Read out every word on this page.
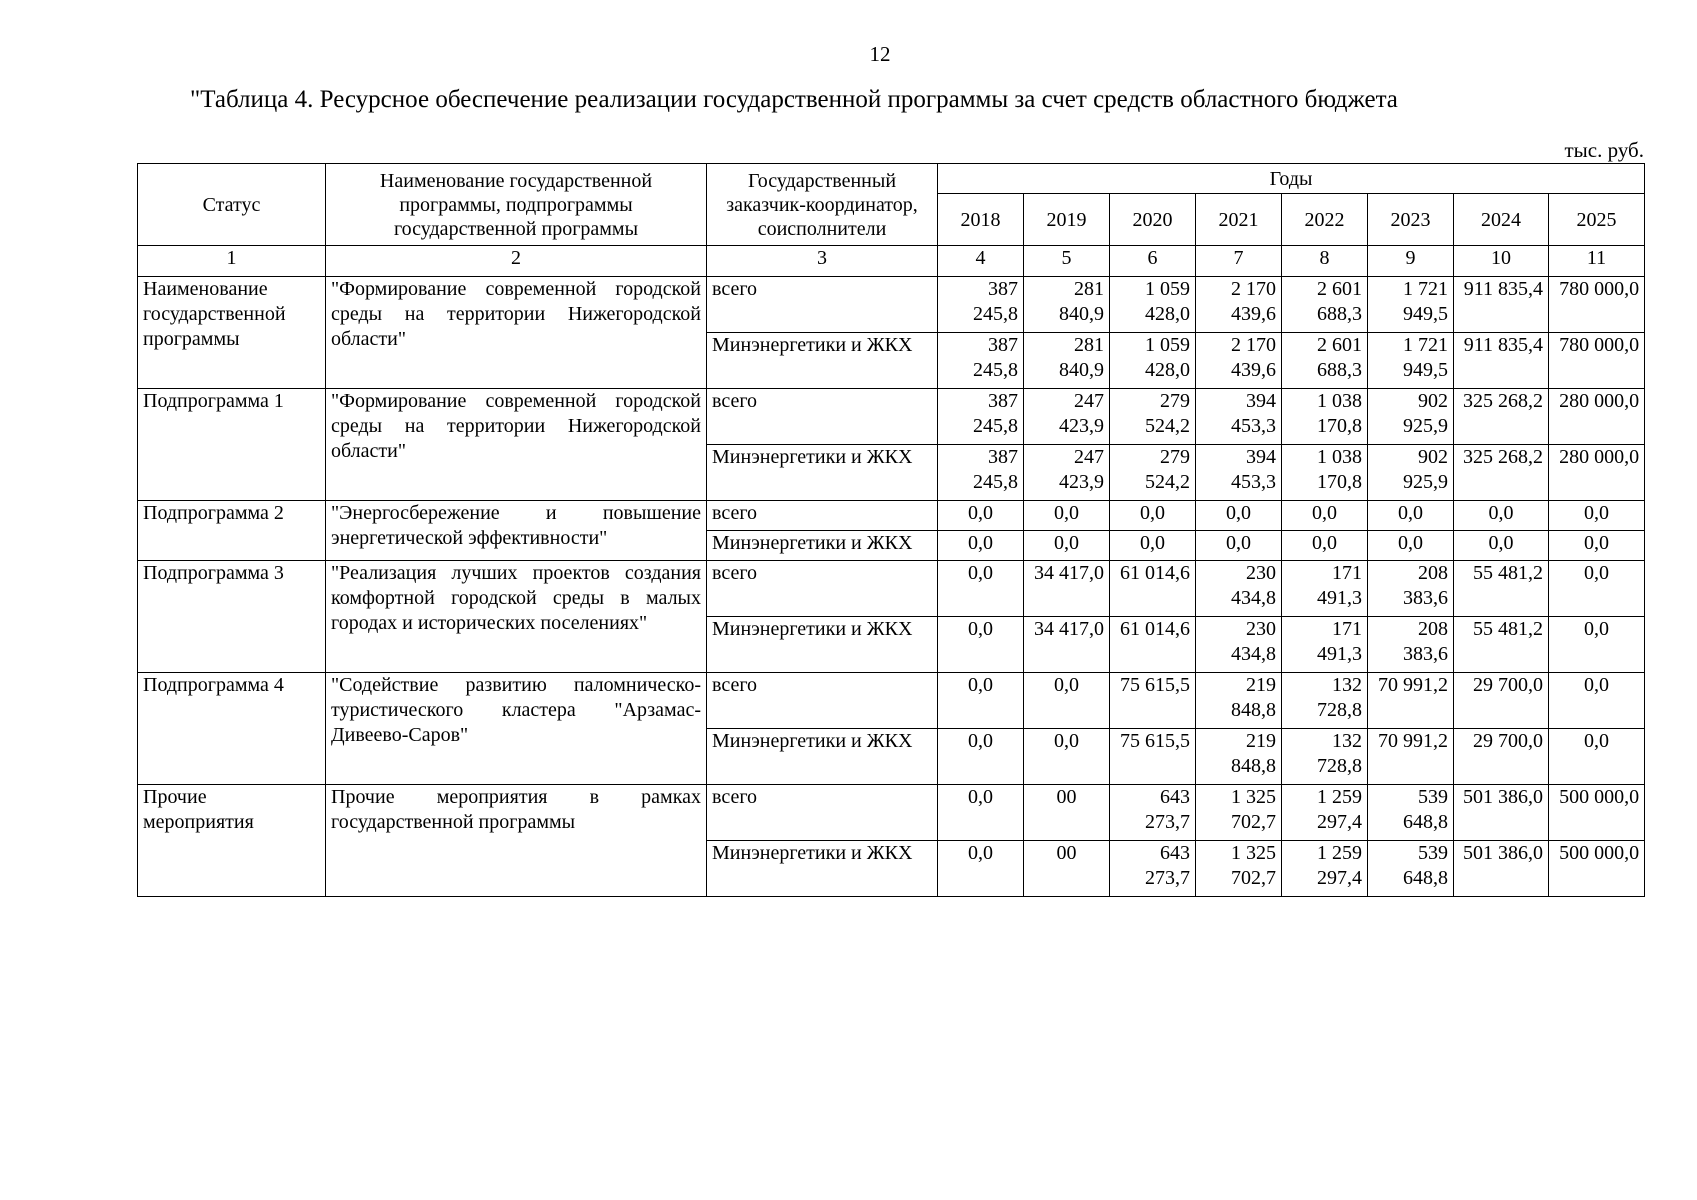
12
"Таблица 4. Ресурсное обеспечение реализации государственной программы за счет средств областного бюджета
тыс. руб.
Статус	Наименование государственной программы, подпрограммы государственной программы	Государственный заказчик-координатор, соисполнители	Годы							
			2018	2019	2020	2021	2022	2023	2024	2025
1	2	3	4	5	6	7	8	9	10	11
Наименование государственной программы	"Формирование современной городской среды на территории Нижегородской области"	всего	387 245,8	281 840,9	1 059 428,0	2 170 439,6	2 601 688,3	1 721 949,5	911 835,4	780 000,0
		Минэнергетики и ЖКХ	387 245,8	281 840,9	1 059 428,0	2 170 439,6	2 601 688,3	1 721 949,5	911 835,4	780 000,0
Подпрограмма 1	"Формирование современной городской среды на территории Нижегородской области"	всего	387 245,8	247 423,9	279 524,2	394 453,3	1 038 170,8	902 925,9	325 268,2	280 000,0
		Минэнергетики и ЖКХ	387 245,8	247 423,9	279 524,2	394 453,3	1 038 170,8	902 925,9	325 268,2	280 000,0
Подпрограмма 2	"Энергосбережение и повышение энергетической эффективности"	всего	0,0	0,0	0,0	0,0	0,0	0,0	0,0	0,0
		Минэнергетики и ЖКХ	0,0	0,0	0,0	0,0	0,0	0,0	0,0	0,0
Подпрограмма 3	"Реализация лучших проектов создания комфортной городской среды в малых городах и исторических поселениях"	всего	0,0	34 417,0	61 014,6	230 434,8	171 491,3	208 383,6	55 481,2	0,0
		Минэнергетики и ЖКХ	0,0	34 417,0	61 014,6	230 434,8	171 491,3	208 383,6	55 481,2	0,0
Подпрограмма 4	"Содействие развитию паломническо-туристического кластера "Арзамас-Дивеево-Саров"	всего	0,0	0,0	75 615,5	219 848,8	132 728,8	70 991,2	29 700,0	0,0
		Минэнергетики и ЖКХ	0,0	0,0	75 615,5	219 848,8	132 728,8	70 991,2	29 700,0	0,0
Прочие мероприятия	Прочие мероприятия в рамках государственной программы	всего	0,0	00	643 273,7	1 325 702,7	1 259 297,4	539 648,8	501 386,0	500 000,0
		Минэнергетики и ЖКХ	0,0	00	643 273,7	1 325 702,7	1 259 297,4	539 648,8	501 386,0	500 000,0
